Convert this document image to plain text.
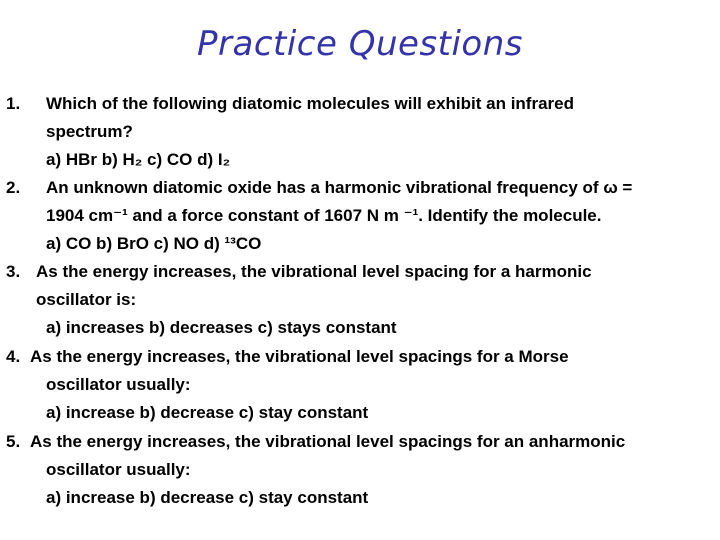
Practice Questions
1. Which of the following diatomic molecules will exhibit an infrared
spectrum?
a) HBr b) H₂ c) CO d) I₂
2. An unknown diatomic oxide has a harmonic vibrational frequency of ω =
1904 cm⁻¹ and a force constant of 1607 N m ⁻¹. Identify the molecule.
a) CO b) BrO c) NO d) ¹³CO
3. As the energy increases, the vibrational level spacing for a harmonic
oscillator is:
a) increases b) decreases c) stays constant
4. As the energy increases, the vibrational level spacings for a Morse
oscillator usually:
a) increase b) decrease c) stay constant
5. As the energy increases, the vibrational level spacings for an anharmonic
oscillator usually:
a) increase b) decrease c) stay constant
